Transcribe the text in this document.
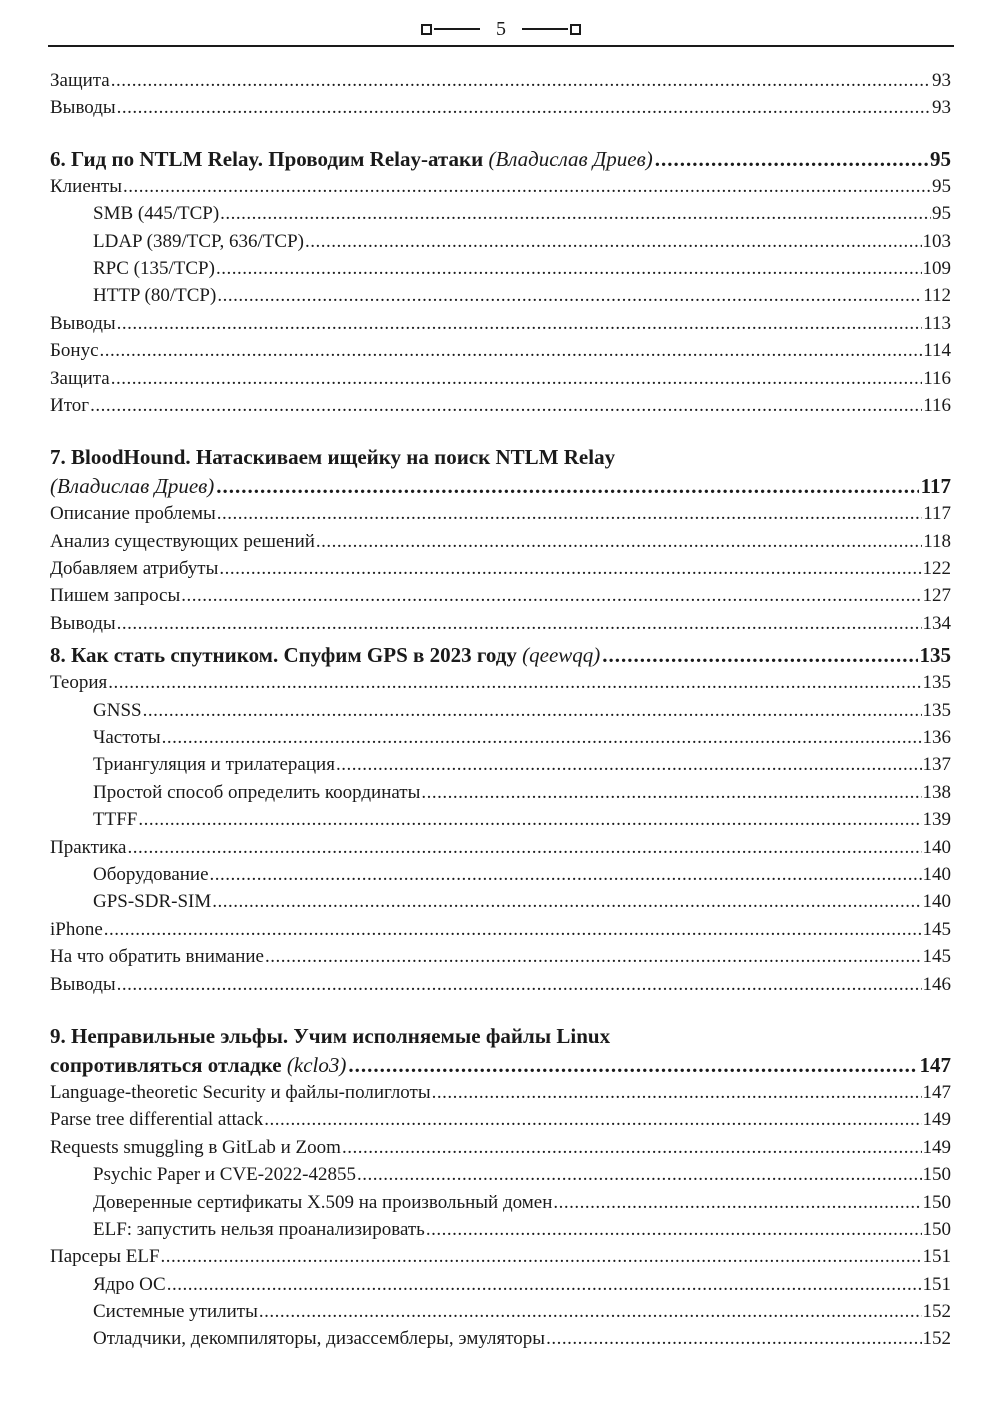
5
Защита .....	93
Выводы .....	93
6. Гид по NTLM Relay. Проводим Relay-атаки (Владислав Дриев) .....	95
Клиенты .....	95
SMB (445/TCP) .....	95
LDAP (389/TCP, 636/TCP) .....	103
RPC (135/TCP) .....	109
HTTP (80/TCP) .....	112
Выводы .....	113
Бонус .....	114
Защита .....	116
Итог .....	116
7. BloodHound. Натаскиваем ищейку на поиск NTLM Relay
(Владислав Дриев) .....	117
Описание проблемы .....	117
Анализ существующих решений .....	118
Добавляем атрибуты .....	122
Пишем запросы .....	127
Выводы .....	134
8. Как стать спутником. Спуфим GPS в 2023 году (qeewqq) .....	135
Теория .....	135
GNSS .....	135
Частоты .....	136
Триангуляция и трилатерация .....	137
Простой способ определить координаты .....	138
TTFF .....	139
Практика .....	140
Оборудование .....	140
GPS-SDR-SIM .....	140
iPhone .....	145
На что обратить внимание .....	145
Выводы .....	146
9. Неправильные эльфы. Учим исполняемые файлы Linux
сопротивляться отладке (kclo3) .....	147
Language-theoretic Security и файлы-полиглоты .....	147
Parse tree differential attack .....	149
Requests smuggling в GitLab и Zoom .....	149
Psychic Paper и CVE-2022-42855 .....	150
Доверенные сертификаты X.509 на произвольный домен .....	150
ELF: запустить нельзя проанализировать .....	150
Парсеры ELF .....	151
Ядро ОС .....	151
Системные утилиты .....	152
Отладчики, декомпиляторы, дизассемблеры, эмуляторы .....	152
